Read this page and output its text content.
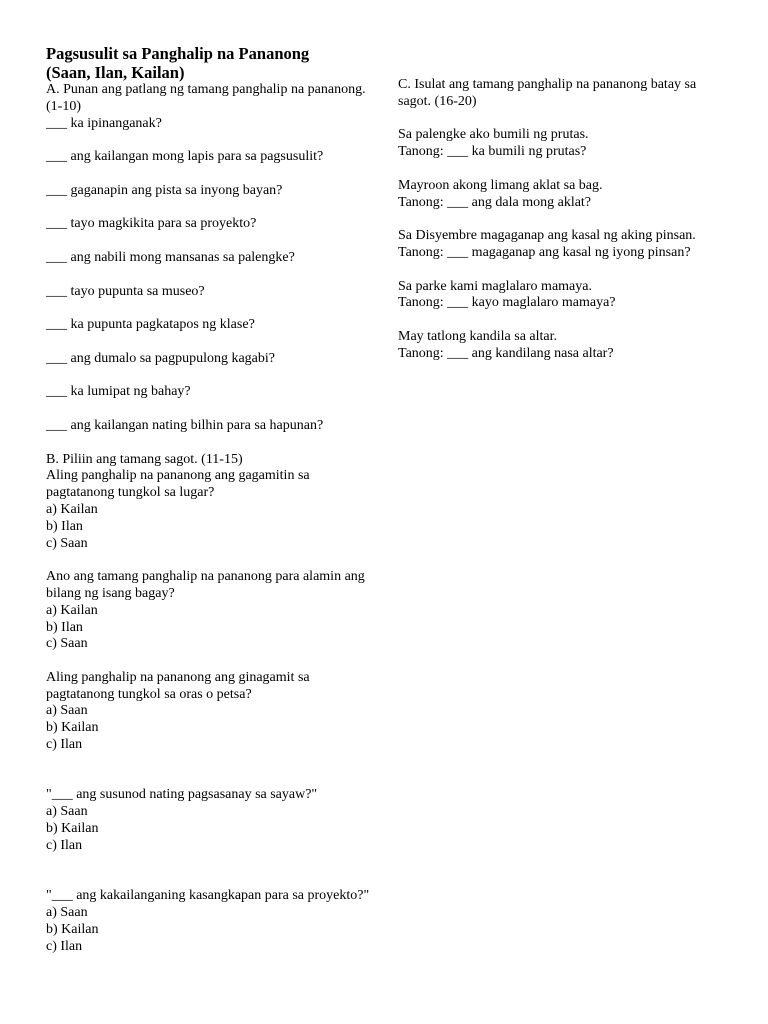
Pagsusulit sa Panghalip na Pananong
(Saan, Ilan, Kailan)

A. Punan ang patlang ng tamang panghalip na pananong. (1-10)

___ ka ipinanganak?
___ ang kailangan mong lapis para sa pagsusulit?
___ gaganapin ang pista sa inyong bayan?
___ tayo magkikita para sa proyekto?
___ ang nabili mong mansanas sa palengke?
___ tayo pupunta sa museo?
___ ka pupunta pagkatapos ng klase?
___ ang dumalo sa pagpupulong kagabi?
___ ka lumipat ng bahay?
___ ang kailangan nating bilhin para sa hapunan?

B. Piliin ang tamang sagot. (11-15)

Aling panghalip na pananong ang gagamitin sa pagtatanong tungkol sa lugar?

a) Kailan
b) Ilan
c) Saan

Ano ang tamang panghalip na pananong para alamin ang bilang ng isang bagay?

a) Kailan
b) Ilan
c) Saan

Aling panghalip na pananong ang ginagamit sa pagtatanong tungkol sa oras o petsa?

a) Saan
b) Kailan
c) Ilan

"___ ang susunod nating pagsasanay sa sayaw?"

a) Saan
b) Kailan
c) Ilan

"___ ang kakailanganing kasangkapan para sa proyekto?"

a) Saan
b) Kailan
c) Ilan

C. Isulat ang tamang panghalip na pananong batay sa sagot. (16-20)

Sa palengke ako bumili ng prutas.

Tanong: ___ ka bumili ng prutas?

Mayroon akong limang aklat sa bag.

Tanong: ___ ang dala mong aklat?

Sa Disyembre magaganap ang kasal ng aking pinsan.

Tanong: ___ magaganap ang kasal ng iyong pinsan?

Sa parke kami maglalaro mamaya.

Tanong: ___ kayo maglalaro mamaya?

May tatlong kandila sa altar.

Tanong: ___ ang kandilang nasa altar?
